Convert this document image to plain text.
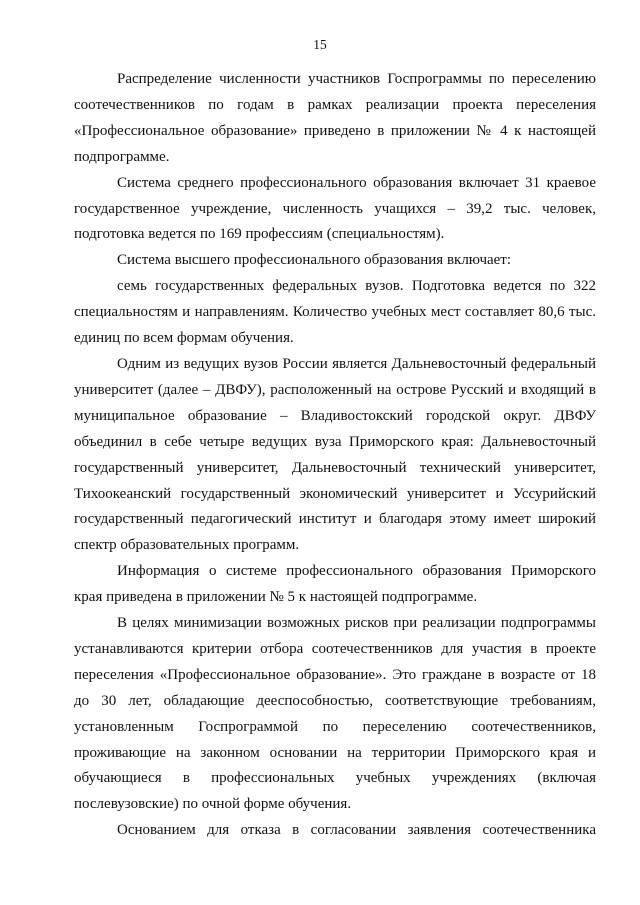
15

Распределение численности участников Госпрограммы по переселению соотечественников по годам в рамках реализации проекта переселения «Профессиональное образование» приведено в приложении № 4 к настоящей подпрограмме.

Система среднего профессионального образования включает 31 краевое государственное учреждение, численность учащихся – 39,2 тыс. человек, подготовка ведется по 169 профессиям (специальностям).

Система высшего профессионального образования включает:

семь государственных федеральных вузов. Подготовка ведется по 322 специальностям и направлениям. Количество учебных мест составляет 80,6 тыс. единиц по всем формам обучения.

Одним из ведущих вузов России является Дальневосточный федеральный университет (далее – ДВФУ), расположенный на острове Русский и входящий в муниципальное образование – Владивостокский городской округ. ДВФУ объединил в себе четыре ведущих вуза Приморского края: Дальневосточный государственный университет, Дальневосточный технический университет, Тихоокеанский государственный экономический университет и Уссурийский государственный педагогический институт и благодаря этому имеет широкий спектр образовательных программ.

Информация о системе профессионального образования Приморского края приведена в приложении № 5 к настоящей подпрограмме.

В целях минимизации возможных рисков при реализации подпрограммы устанавливаются критерии отбора соотечественников для участия в проекте переселения «Профессиональное образование». Это граждане в возрасте от 18 до 30 лет, обладающие дееспособностью, соответствующие требованиям, установленным Госпрограммой по переселению соотечественников, проживающие на законном основании на территории Приморского края и обучающиеся в профессиональных учебных учреждениях (включая послевузовские) по очной форме обучения.

Основанием для отказа в согласовании заявления соотечественника
